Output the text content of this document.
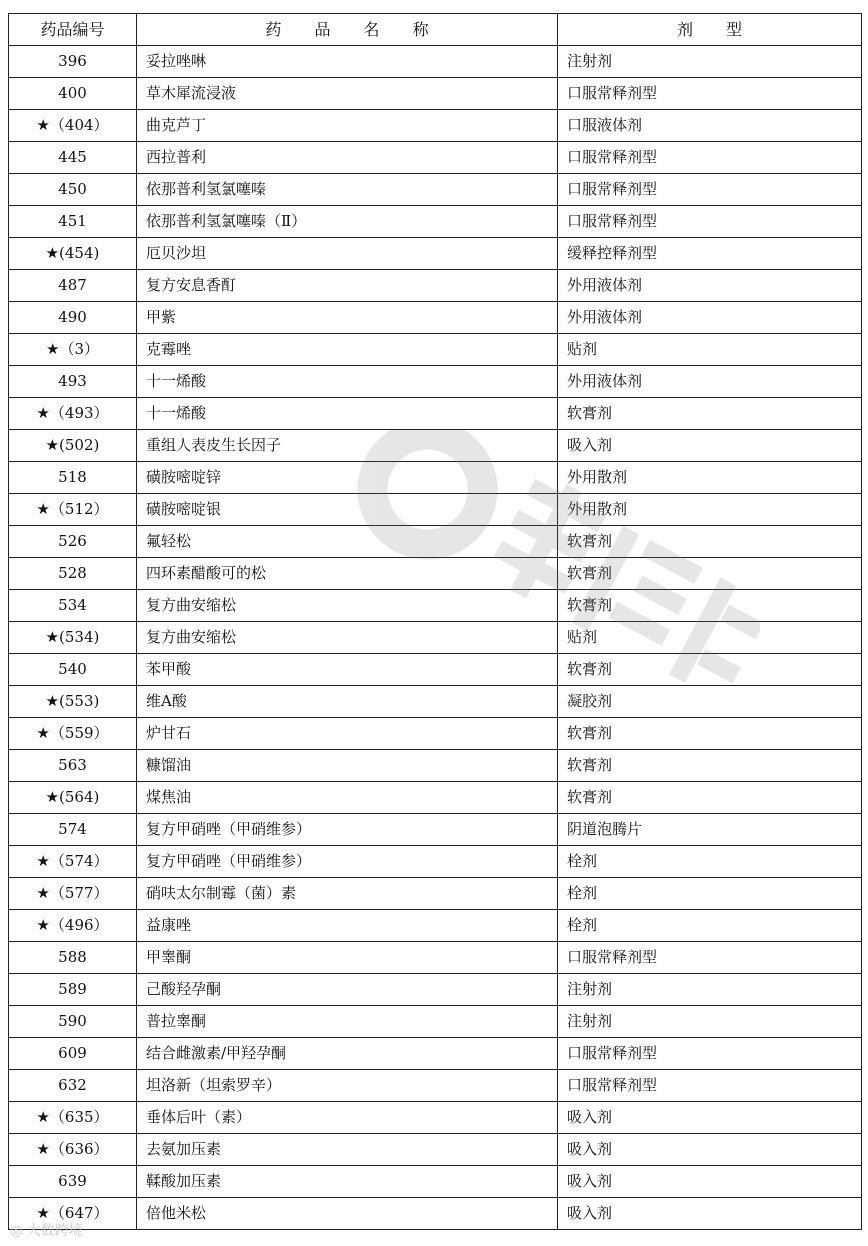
药品编号	药 品 名 称	剂 型
396	妥拉唑啉	注射剂
400	草木犀流浸液	口服常释剂型
★（404）	曲克芦丁	口服液体剂
445	西拉普利	口服常释剂型
450	依那普利氢氯噻嗪	口服常释剂型
451	依那普利氢氯噻嗪（Ⅱ）	口服常释剂型
★(454)	厄贝沙坦	缓释控释剂型
487	复方安息香酊	外用液体剂
490	甲紫	外用液体剂
★（3）	克霉唑	贴剂
493	十一烯酸	外用液体剂
★（493）	十一烯酸	软膏剂
★(502)	重组人表皮生长因子	吸入剂
518	磺胺嘧啶锌	外用散剂
★（512）	磺胺嘧啶银	外用散剂
526	氟轻松	软膏剂
528	四环素醋酸可的松	软膏剂
534	复方曲安缩松	软膏剂
★(534)	复方曲安缩松	贴剂
540	苯甲酸	软膏剂
★(553)	维A酸	凝胶剂
★（559）	炉甘石	软膏剂
563	糠馏油	软膏剂
★(564)	煤焦油	软膏剂
574	复方甲硝唑（甲硝维参）	阴道泡腾片
★（574）	复方甲硝唑（甲硝维参）	栓剂
★（577）	硝呋太尔制霉（菌）素	栓剂
★（496）	益康唑	栓剂
588	甲睾酮	口服常释剂型
589	己酸羟孕酮	注射剂
590	普拉睾酮	注射剂
609	结合雌激素/甲羟孕酮	口服常释剂型
632	坦洛新（坦索罗辛）	口服常释剂型
★（635）	垂体后叶（素）	吸入剂
★（636）	去氨加压素	吸入剂
639	鞣酸加压素	吸入剂
★（647）	倍他米松	吸入剂
◎ 大数跨境
